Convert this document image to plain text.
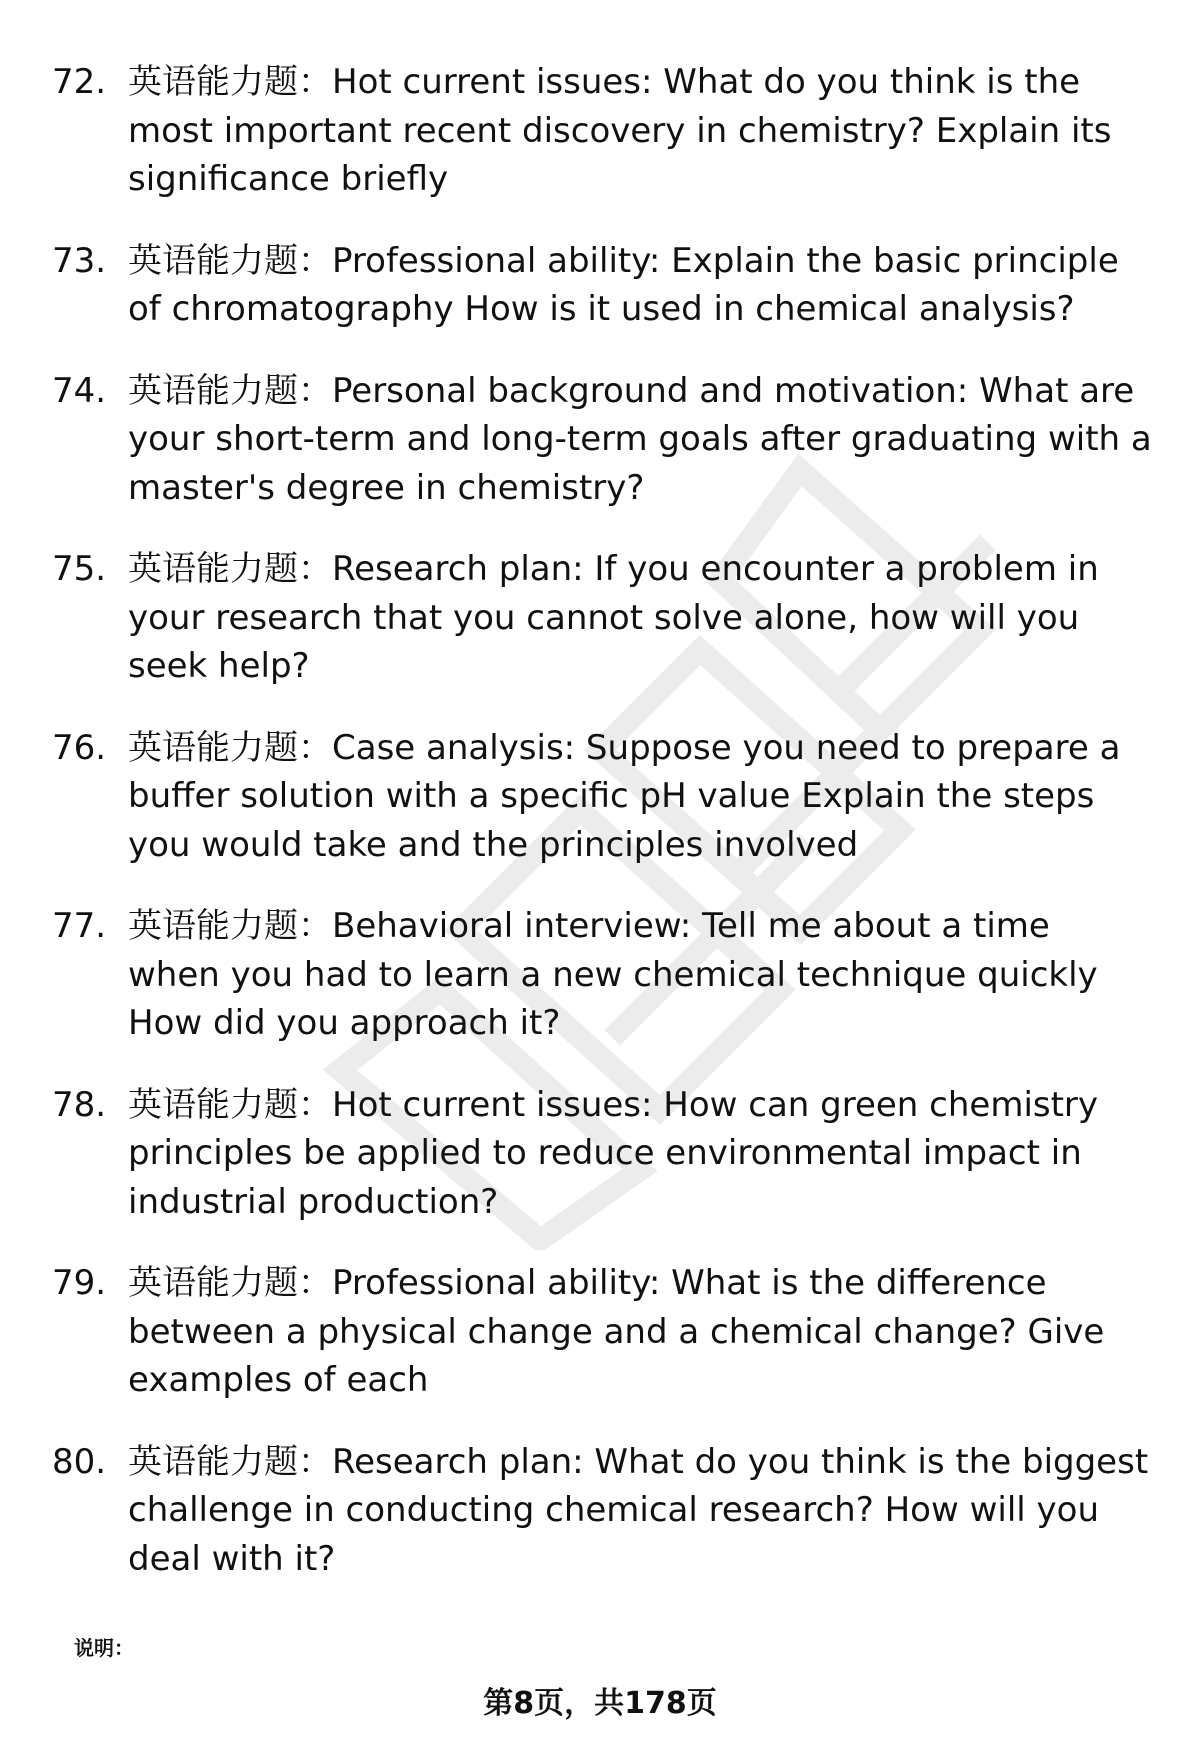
72. 英语能力题：Hot current issues: What do you think is the most important recent discovery in chemistry? Explain its significance briefly
73. 英语能力题：Professional ability: Explain the basic principle of chromatography How is it used in chemical analysis?
74. 英语能力题：Personal background and motivation: What are your short-term and long-term goals after graduating with a master's degree in chemistry?
75. 英语能力题：Research plan: If you encounter a problem in your research that you cannot solve alone, how will you seek help?
76. 英语能力题：Case analysis: Suppose you need to prepare a buffer solution with a specific pH value Explain the steps you would take and the principles involved
77. 英语能力题：Behavioral interview: Tell me about a time when you had to learn a new chemical technique quickly How did you approach it?
78. 英语能力题：Hot current issues: How can green chemistry principles be applied to reduce environmental impact in industrial production?
79. 英语能力题：Professional ability: What is the difference between a physical change and a chemical change? Give examples of each
80. 英语能力题：Research plan: What do you think is the biggest challenge in conducting chemical research? How will you deal with it?
说明：
第8页，共178页
